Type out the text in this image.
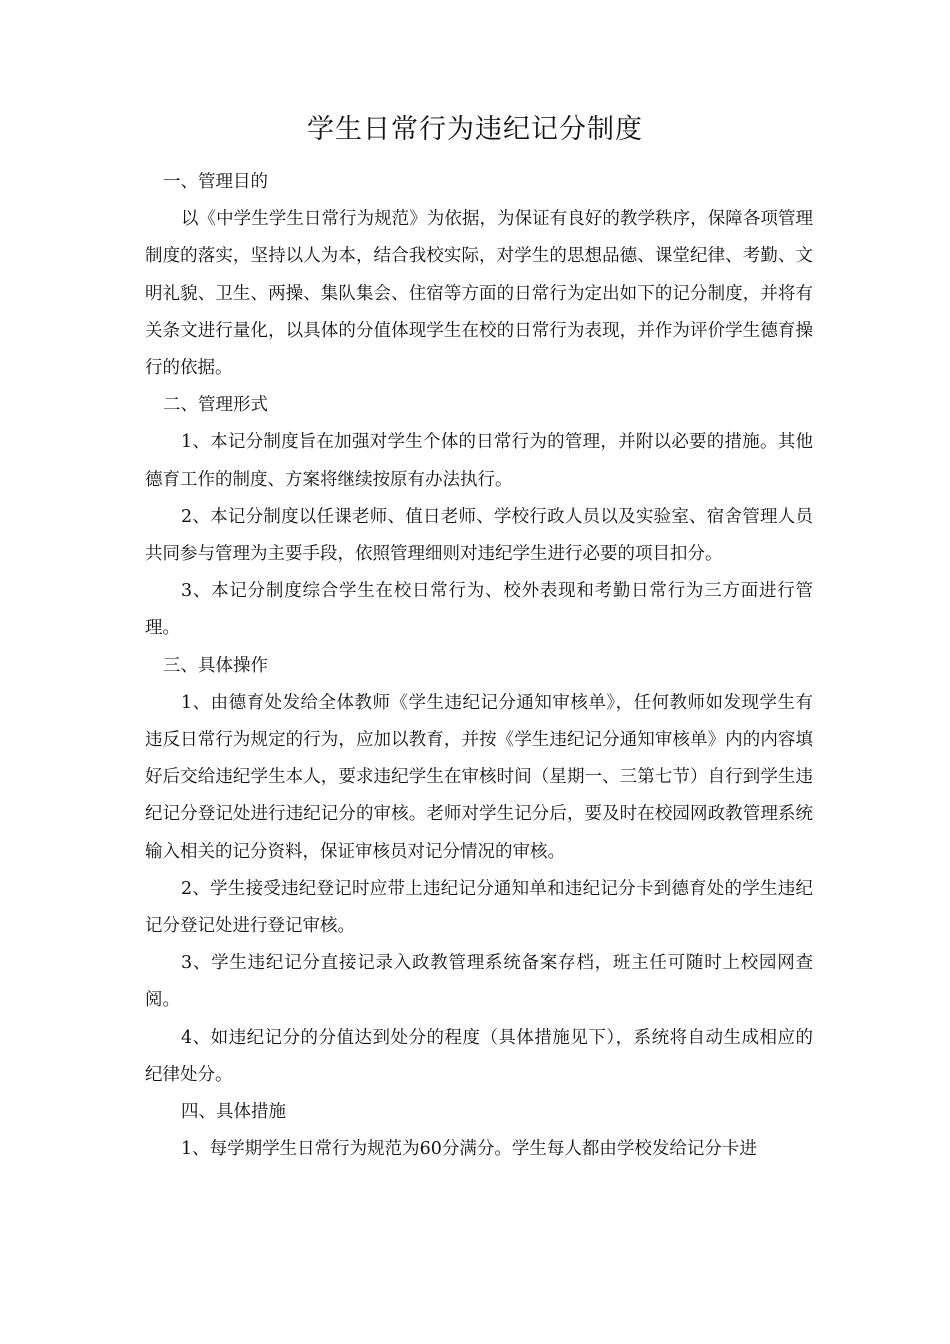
学生日常行为违纪记分制度

一、管理目的

以《中学生学生日常行为规范》为依据，为保证有良好的教学秩序，保障各项管理制度的落实，坚持以人为本，结合我校实际，对学生的思想品德、课堂纪律、考勤、文明礼貌、卫生、两操、集队集会、住宿等方面的日常行为定出如下的记分制度，并将有关条文进行量化，以具体的分值体现学生在校的日常行为表现，并作为评价学生德育操行的依据。

二、管理形式

1、本记分制度旨在加强对学生个体的日常行为的管理，并附以必要的措施。其他德育工作的制度、方案将继续按原有办法执行。

2、本记分制度以任课老师、值日老师、学校行政人员以及实验室、宿舍管理人员共同参与管理为主要手段，依照管理细则对违纪学生进行必要的项目扣分。

3、本记分制度综合学生在校日常行为、校外表现和考勤日常行为三方面进行管理。

三、具体操作

1、由德育处发给全体教师《学生违纪记分通知审核单》，任何教师如发现学生有违反日常行为规定的行为，应加以教育，并按《学生违纪记分通知审核单》内的内容填好后交给违纪学生本人，要求违纪学生在审核时间（星期一、三第七节）自行到学生违纪记分登记处进行违纪记分的审核。老师对学生记分后，要及时在校园网政教管理系统输入相关的记分资料，保证审核员对记分情况的审核。

2、学生接受违纪登记时应带上违纪记分通知单和违纪记分卡到德育处的学生违纪记分登记处进行登记审核。

3、学生违纪记分直接记录入政教管理系统备案存档，班主任可随时上校园网查阅。

4、如违纪记分的分值达到处分的程度（具体措施见下），系统将自动生成相应的纪律处分。

四、具体措施

1、每学期学生日常行为规范为60分满分。学生每人都由学校发给记分卡进
